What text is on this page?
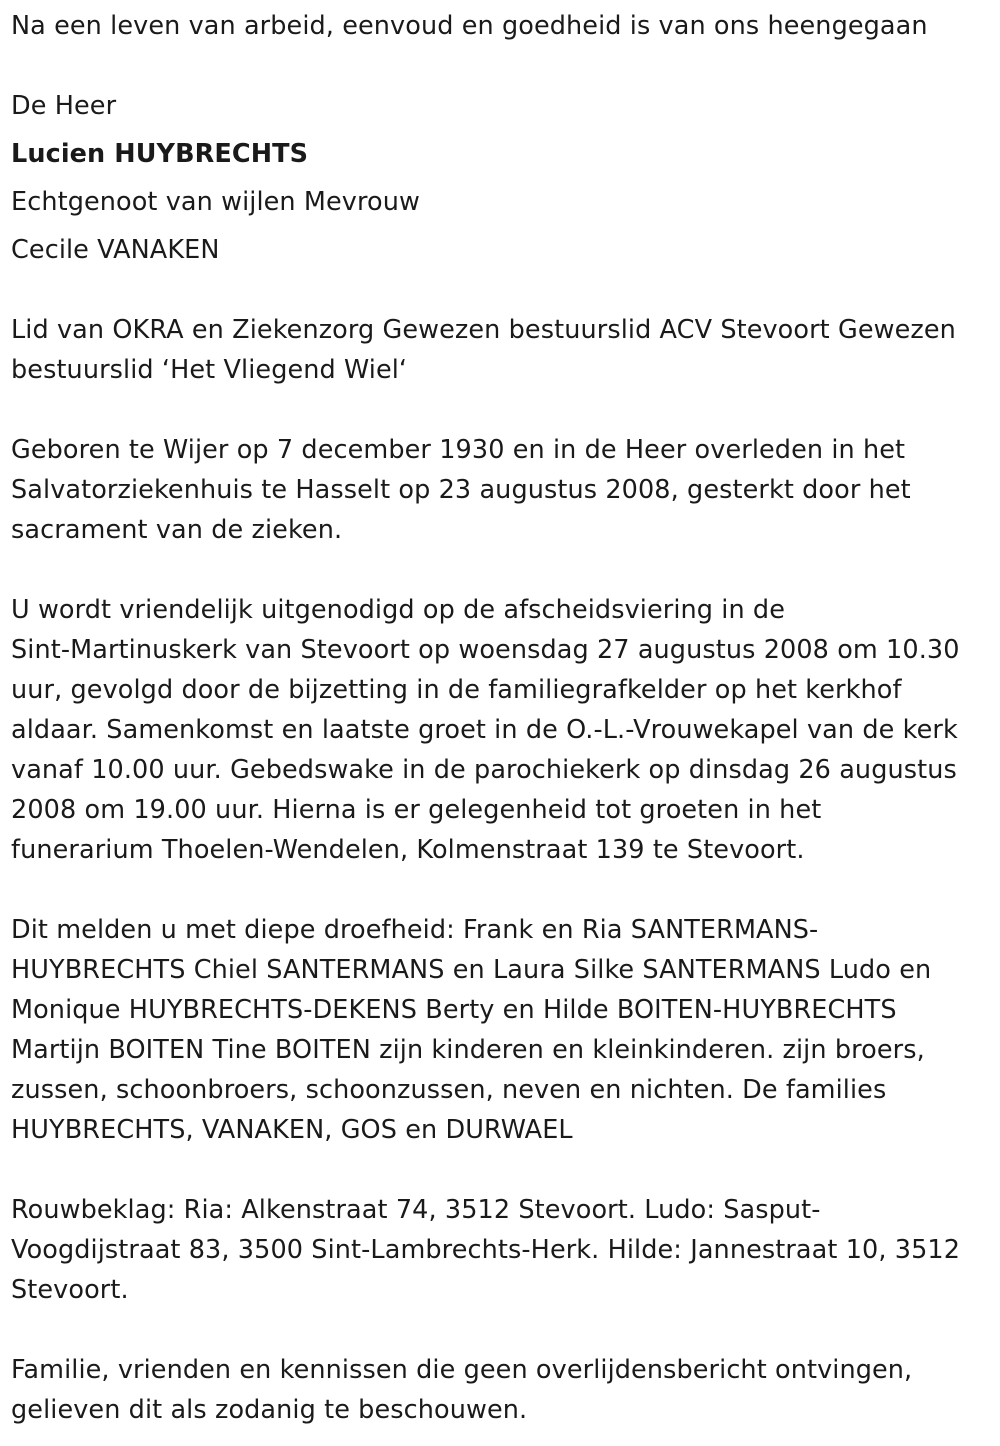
Na een leven van arbeid, eenvoud en goedheid is van ons heengegaan

De Heer

Lucien HUYBRECHTS

Echtgenoot van wijlen Mevrouw

Cecile VANAKEN

Lid van OKRA en Ziekenzorg Gewezen bestuurslid ACV Stevoort Gewezen
bestuurslid ‘Het Vliegend Wiel‘
Geboren te Wijer op 7 december 1930 en in de Heer overleden in het
Salvatorziekenhuis te Hasselt op 23 augustus 2008, gesterkt door het
sacrament van de zieken.
U wordt vriendelijk uitgenodigd op de afscheidsviering in de
Sint-Martinuskerk van Stevoort op woensdag 27 augustus 2008 om 10.30
uur, gevolgd door de bijzetting in de familiegrafkelder op het kerkhof
aldaar. Samenkomst en laatste groet in de O.-L.-Vrouwekapel van de kerk
vanaf 10.00 uur. Gebedswake in de parochiekerk op dinsdag 26 augustus
2008 om 19.00 uur. Hierna is er gelegenheid tot groeten in het
funerarium Thoelen-Wendelen, Kolmenstraat 139 te Stevoort.
Dit melden u met diepe droefheid: Frank en Ria SANTERMANS-
HUYBRECHTS Chiel SANTERMANS en Laura Silke SANTERMANS Ludo en
Monique HUYBRECHTS-DEKENS Berty en Hilde BOITEN-HUYBRECHTS
Martijn BOITEN Tine BOITEN zijn kinderen en kleinkinderen. zijn broers,
zussen, schoonbroers, schoonzussen, neven en nichten. De families
HUYBRECHTS, VANAKEN, GOS en DURWAEL
Rouwbeklag: Ria: Alkenstraat 74, 3512 Stevoort. Ludo: Sasput-
Voogdijstraat 83, 3500 Sint-Lambrechts-Herk. Hilde: Jannestraat 10, 3512
Stevoort.
Familie, vrienden en kennissen die geen overlijdensbericht ontvingen,
gelieven dit als zodanig te beschouwen.
